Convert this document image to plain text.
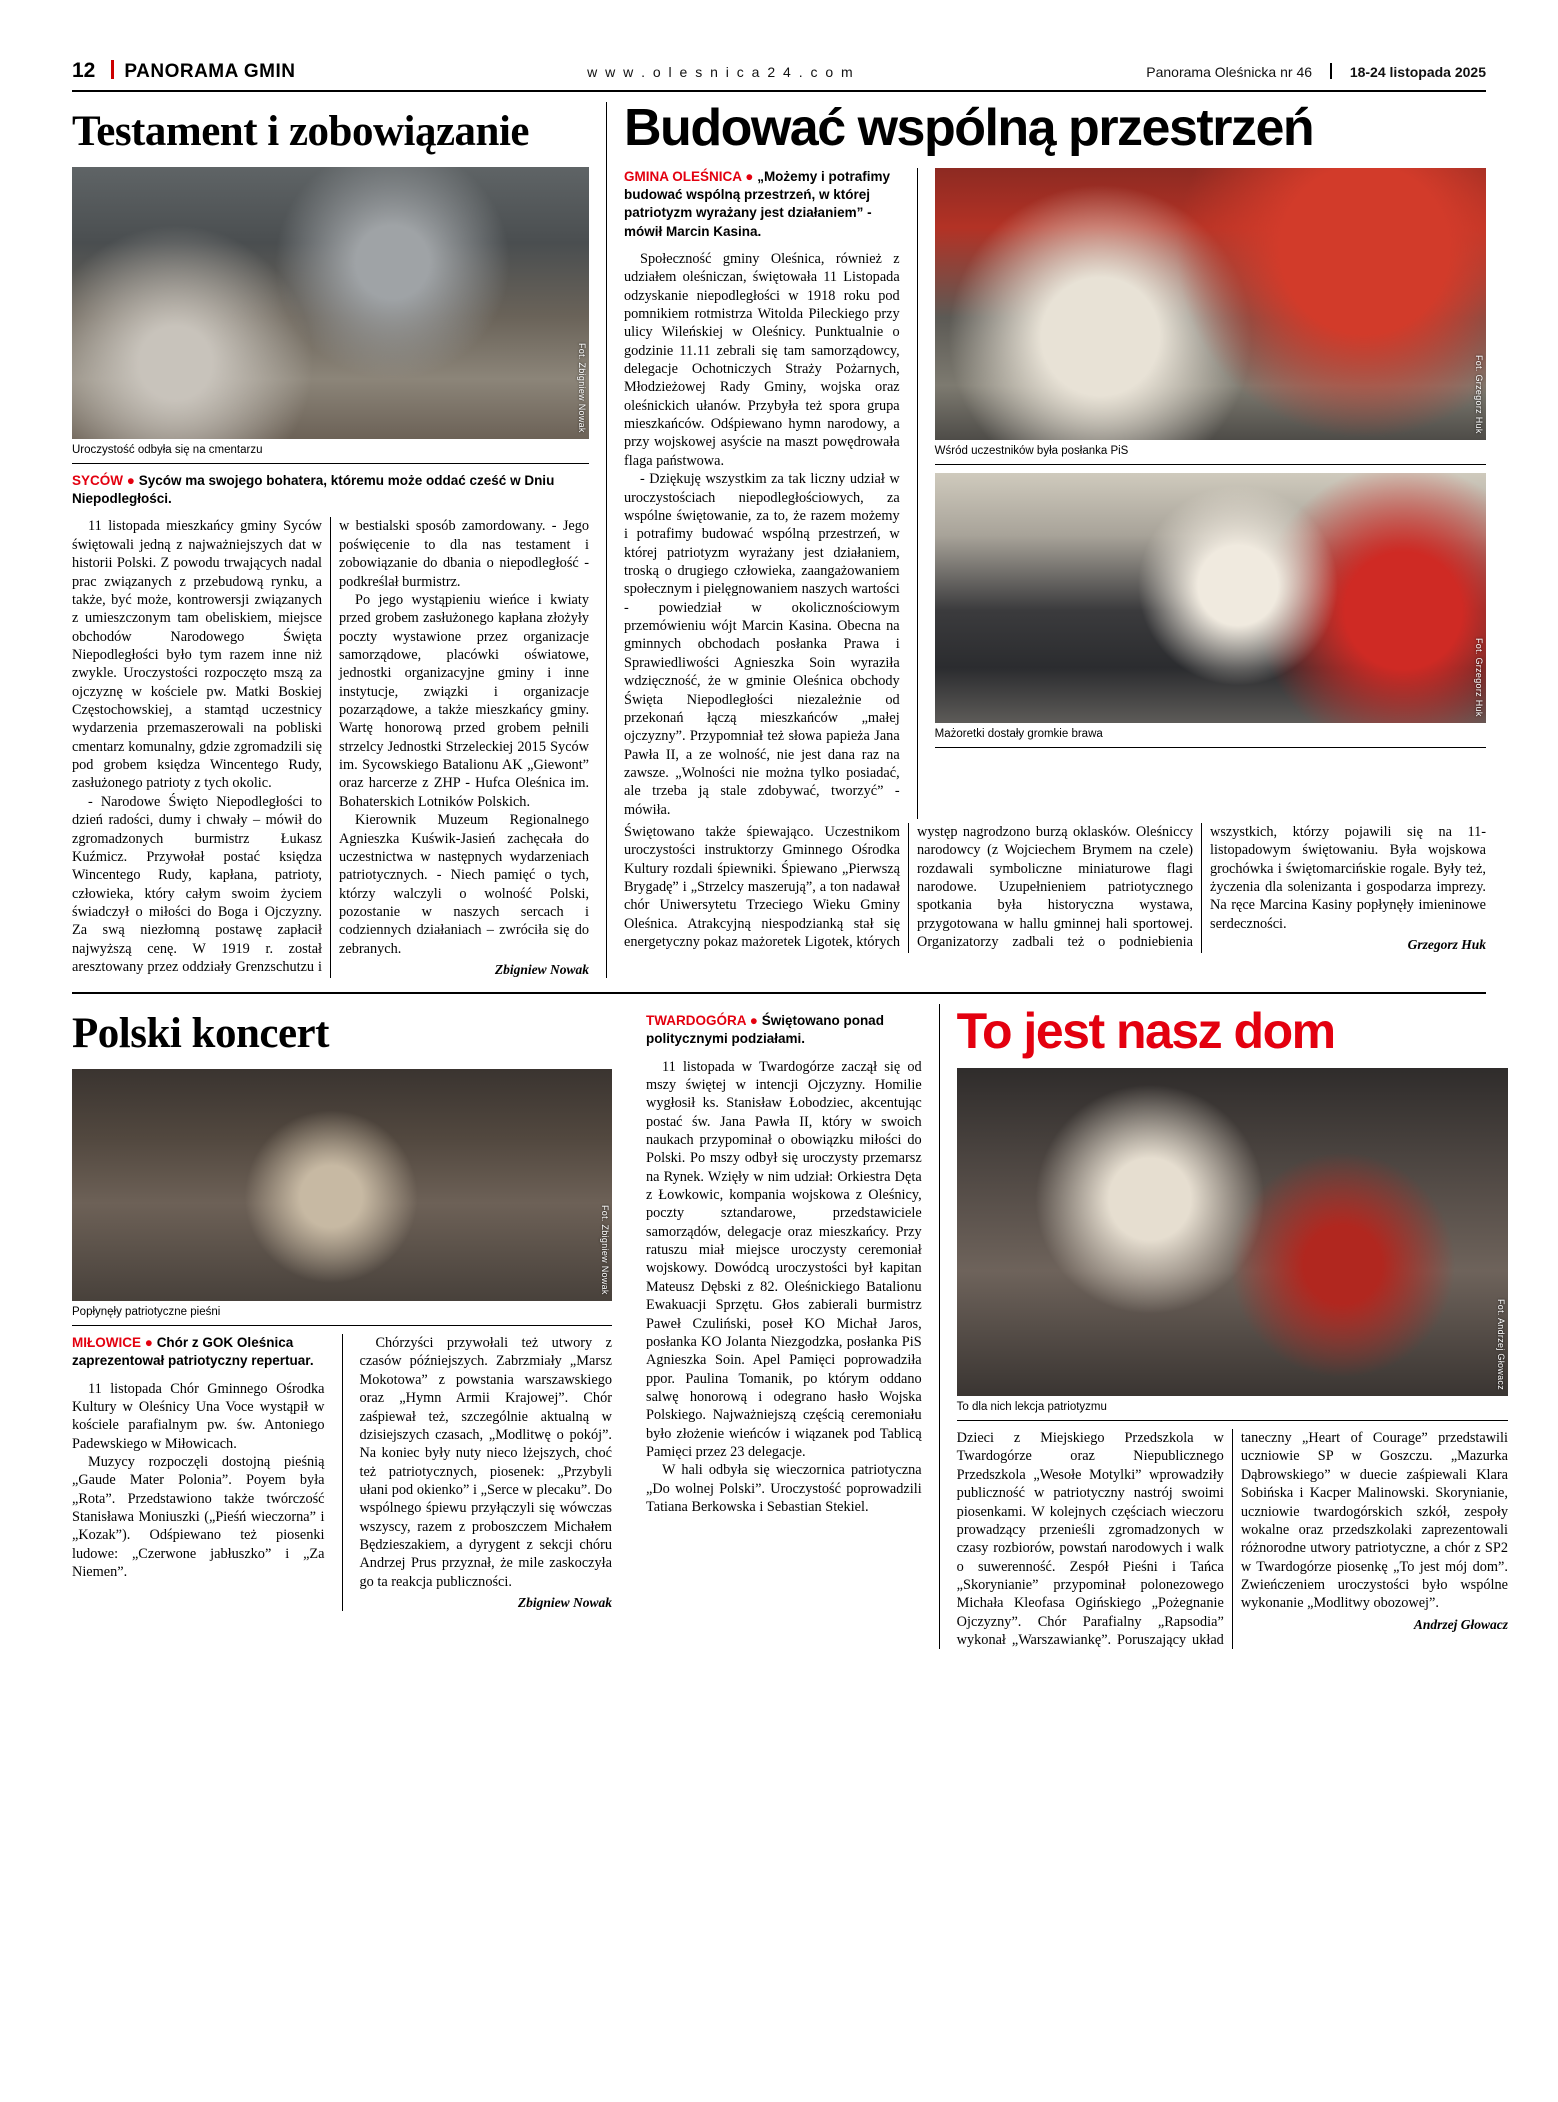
12 PANORAMA GMIN	w w w . o l e s n i c a 2 4 . c o m	Panorama Oleśnicka nr 46	18-24 listopada 2025
Testament i zobowiązanie
Fot. Zbigniew Nowak
Uroczystość odbyła się na cmentarzu
SYCÓW ● Syców ma swojego bohatera, któremu może oddać cześć w Dniu Niepodległości.

11 listopada mieszkańcy gminy Syców świętowali jedną z najważniejszych dat w historii Polski. Z powodu trwających nadal prac związanych z przebudową rynku, a także, być może, kontrowersji związanych z umieszczonym tam obeliskiem, miejsce obchodów Narodowego Święta Niepodległości było tym razem inne niż zwykle. Uroczystości rozpoczęto mszą za ojczyznę w kościele pw. Matki Boskiej Częstochowskiej, a stamtąd uczestnicy wydarzenia przemaszerowali na pobliski cmentarz komunalny, gdzie zgromadzili się pod grobem księdza Wincentego Rudy, zasłużonego patrioty z tych okolic.

- Narodowe Święto Niepodległości to dzień radości, dumy i chwały – mówił do zgromadzonych burmistrz Łukasz Kuźmicz. Przywołał postać księdza Wincentego Rudy, kapłana, patrioty, człowieka, który całym swoim życiem świadczył o miłości do Boga i Ojczyzny. Za swą niezłomną postawę zapłacił najwyższą cenę. W 1919 r. został aresztowany przez oddziały Grenzschutzu i w bestialski sposób zamordowany. - Jego poświęcenie to dla nas testament i zobowiązanie do dbania o niepodległość - podkreślał burmistrz.

Po jego wystąpieniu wieńce i kwiaty przed grobem zasłużonego kapłana złożyły poczty wystawione przez organizacje samorządowe, placówki oświatowe, jednostki organizacyjne gminy i inne instytucje, związki i organizacje pozarządowe, a także mieszkańcy gminy. Wartę honorową przed grobem pełnili strzelcy Jednostki Strzeleckiej 2015 Syców im. Sycowskiego Batalionu AK „Giewont” oraz harcerze z ZHP - Hufca Oleśnica im. Bohaterskich Lotników Polskich.

Kierownik Muzeum Regionalnego Agnieszka Kuświk-Jasień zachęcała do uczestnictwa w następnych wydarzeniach patriotycznych. - Niech pamięć o tych, którzy walczyli o wolność Polski, pozostanie w naszych sercach i codziennych działaniach – zwróciła się do zebranych.

Zbigniew Nowak
Budować wspólną przestrzeń
GMINA OLEŚNICA ● „Możemy i potrafimy budować wspólną przestrzeń, w której patriotyzm wyrażany jest działaniem” - mówił Marcin Kasina.

Społeczność gminy Oleśnica, również z udziałem oleśniczan, świętowała 11 Listopada odzyskanie niepodległości w 1918 roku pod pomnikiem rotmistrza Witolda Pileckiego przy ulicy Wileńskiej w Oleśnicy. Punktualnie o godzinie 11.11 zebrali się tam samorządowcy, delegacje Ochotniczych Straży Pożarnych, Młodzieżowej Rady Gminy, wojska oraz oleśnickich ułanów. Przybyła też spora grupa mieszkańców. Odśpiewano hymn narodowy, a przy wojskowej asyście na maszt powędrowała flaga państwowa.

- Dziękuję wszystkim za tak liczny udział w uroczystościach niepodległościowych, za wspólne świętowanie, za to, że razem możemy i potrafimy budować wspólną przestrzeń, w której patriotyzm wyrażany jest działaniem, troską o drugiego człowieka, zaangażowaniem społecznym i pielęgnowaniem naszych wartości - powiedział w okolicznościowym przemówieniu wójt Marcin Kasina. Obecna na gminnych obchodach posłanka Prawa i Sprawiedliwości Agnieszka Soin wyraziła wdzięczność, że w gminie Oleśnica obchody Święta Niepodległości niezależnie od przekonań łączą mieszkańców „małej ojczyzny”. Przypomniał też słowa papieża Jana Pawła II, a ze wolność, nie jest dana raz na zawsze. „Wolności nie można tylko posiadać, ale trzeba ją stale zdobywać, tworzyć” - mówiła.

Fot. Grzegorz Huk
Wśród uczestników była posłanka PiS
Fot. Grzegorz Huk
Mażoretki dostały gromkie brawa

Świętowano także śpiewająco. Uczestnikom uroczystości instruktorzy Gminnego Ośrodka Kultury rozdali śpiewniki. Śpiewano „Pierwszą Brygadę” i „Strzelcy maszerują”, a ton nadawał chór Uniwersytetu Trzeciego Wieku Gminy Oleśnica. Atrakcyjną niespodzianką stał się energetyczny pokaz mażoretek Ligotek, których występ nagrodzono burzą oklasków. Oleśniccy narodowcy (z Wojciechem Brymem na czele) rozdawali symboliczne miniaturowe flagi narodowe. Uzupełnieniem patriotycznego spotkania była historyczna wystawa, przygotowana w hallu gminnej hali sportowej. Organizatorzy zadbali też o podniebienia wszystkich, którzy pojawili się na 11-listopadowym świętowaniu. Była wojskowa grochówka i świętomarcińskie rogale. Były też, życzenia dla solenizanta i gospodarza imprezy. Na ręce Marcina Kasiny popłynęły imieninowe serdeczności.

Grzegorz Huk
Polski koncert
Fot. Zbigniew Nowak
Popłynęły patriotyczne pieśni
MIŁOWICE ● Chór z GOK Oleśnica zaprezentował patriotyczny repertuar.

11 listopada Chór Gminnego Ośrodka Kultury w Oleśnicy Una Voce wystąpił w kościele parafialnym pw. św. Antoniego Padewskiego w Miłowicach.

Muzycy rozpoczęli dostojną pieśnią „Gaude Mater Polonia”. Poyem była „Rota”. Przedstawiono także twórczość Stanisława Moniuszki („Pieśń wieczorna” i „Kozak”). Odśpiewano też piosenki ludowe: „Czerwone jabłuszko” i „Za Niemen”.

Chórzyści przywołali też utwory z czasów późniejszych. Zabrzmiały „Marsz Mokotowa” z powstania warszawskiego oraz „Hymn Armii Krajowej”. Chór zaśpiewał też, szczególnie aktualną w dzisiejszych czasach, „Modlitwę o pokój”. Na koniec były nuty nieco lżejszych, choć też patriotycznych, piosenek: „Przybyli ułani pod okienko” i „Serce w plecaku”. Do wspólnego śpiewu przyłączyli się wówczas wszyscy, razem z proboszczem Michałem Będzieszakiem, a dyrygent z sekcji chóru Andrzej Prus przyznał, że mile zaskoczyła go ta reakcja publiczności.

Zbigniew Nowak
TWARDOGÓRA ● Świętowano ponad politycznymi podziałami.

11 listopada w Twardogórze zaczął się od mszy świętej w intencji Ojczyzny. Homilie wygłosił ks. Stanisław Łobodziec, akcentując postać św. Jana Pawła II, który w swoich naukach przypominał o obowiązku miłości do Polski. Po mszy odbył się uroczysty przemarsz na Rynek. Wzięły w nim udział: Orkiestra Dęta z Łowkowic, kompania wojskowa z Oleśnicy, poczty sztandarowe, przedstawiciele samorządów, delegacje oraz mieszkańcy. Przy ratuszu miał miejsce uroczysty ceremoniał wojskowy. Dowódcą uroczystości był kapitan Mateusz Dębski z 82. Oleśnickiego Batalionu Ewakuacji Sprzętu. Głos zabierali burmistrz Paweł Czuliński, poseł KO Michał Jaros, posłanka KO Jolanta Niezgodzka, posłanka PiS Agnieszka Soin. Apel Pamięci poprowadziła ppor. Paulina Tomanik, po którym oddano salwę honorową i odegrano hasło Wojska Polskiego. Najważniejszą częścią ceremoniału było złożenie wieńców i wiązanek pod Tablicą Pamięci przez 23 delegacje.

W hali odbyła się wieczornica patriotyczna „Do wolnej Polski”. Uroczystość poprowadzili Tatiana Berkowska i Sebastian Stekiel.

To jest nasz dom
Fot. Andrzej Głowacz
To dla nich lekcja patriotyzmu

Dzieci z Miejskiego Przedszkola w Twardogórze oraz Niepublicznego Przedszkola „Wesołe Motylki” wprowadziły publiczność w patriotyczny nastrój swoimi piosenkami. W kolejnych częściach wieczoru prowadzący przenieśli zgromadzonych w czasy rozbiorów, powstań narodowych i walk o suwerenność. Zespół Pieśni i Tańca „Skorynianie” przypominał polonezowego Michała Kleofasa Ogińskiego „Pożegnanie Ojczyzny”. Chór Parafialny „Rapsodia” wykonał „Warszawiankę”. Poruszający układ taneczny „Heart of Courage” przedstawili uczniowie SP w Goszczu. „Mazurka Dąbrowskiego” w duecie zaśpiewali Klara Sobińska i Kacper Malinowski. Skorynianie, uczniowie twardogórskich szkół, zespoły wokalne oraz przedszkolaki zaprezentowali różnorodne utwory patriotyczne, a chór z SP2 w Twardogórze piosenkę „To jest mój dom”. Zwieńczeniem uroczystości było wspólne wykonanie „Modlitwy obozowej”.

Andrzej Głowacz
